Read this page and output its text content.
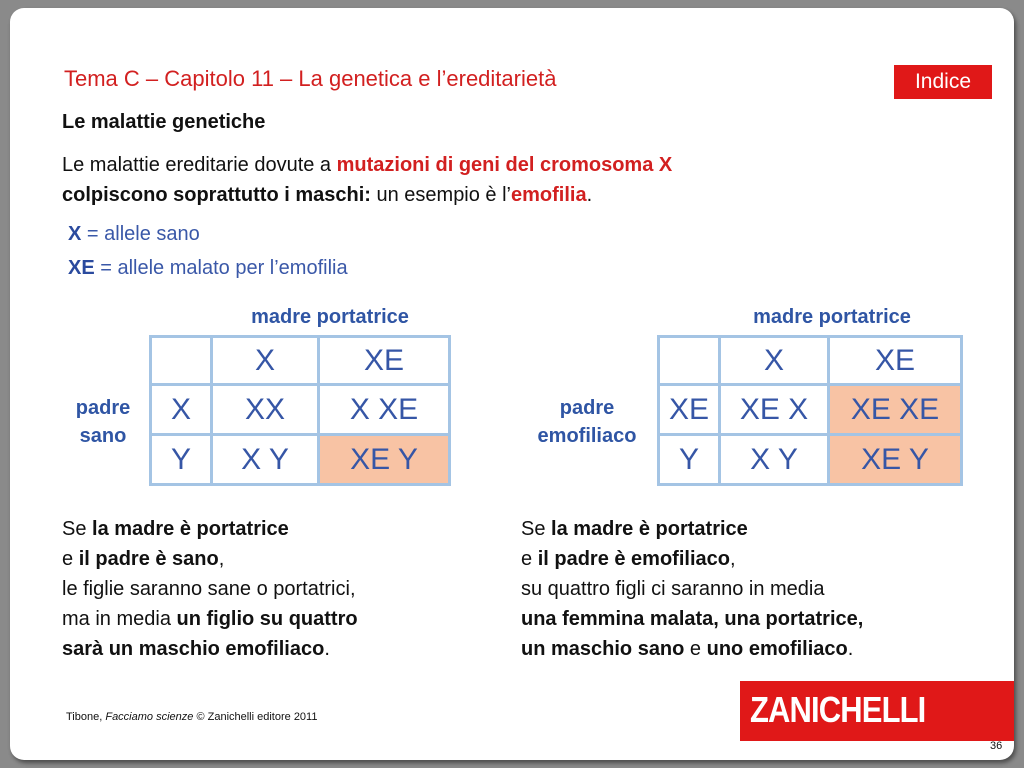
Tema C – Capitolo 11 – La genetica e l’ereditarietà	Indice
Le malattie genetiche
Le malattie ereditarie dovute a mutazioni di geni del cromosoma X
colpiscono soprattutto i maschi: un esempio è l’emofilia.
X = allele sano
XE = allele malato per l’emofilia
madre portatrice
padre
sano
	X	XE
X	XX	X XE
Y	X Y	XE Y
madre portatrice
padre
emofiliaco
	X	XE
XE	XE X	XE XE
Y	X Y	XE Y
Se la madre è portatrice
e il padre è sano,
le figlie saranno sane o portatrici,
ma in media un figlio su quattro
sarà un maschio emofiliaco.
Se la madre è portatrice
e il padre è emofiliaco,
su quattro figli ci saranno in media
una femmina malata, una portatrice,
un maschio sano e uno emofiliaco.
Tibone, Facciamo scienze © Zanichelli editore 2011	ZANICHELLI
36
